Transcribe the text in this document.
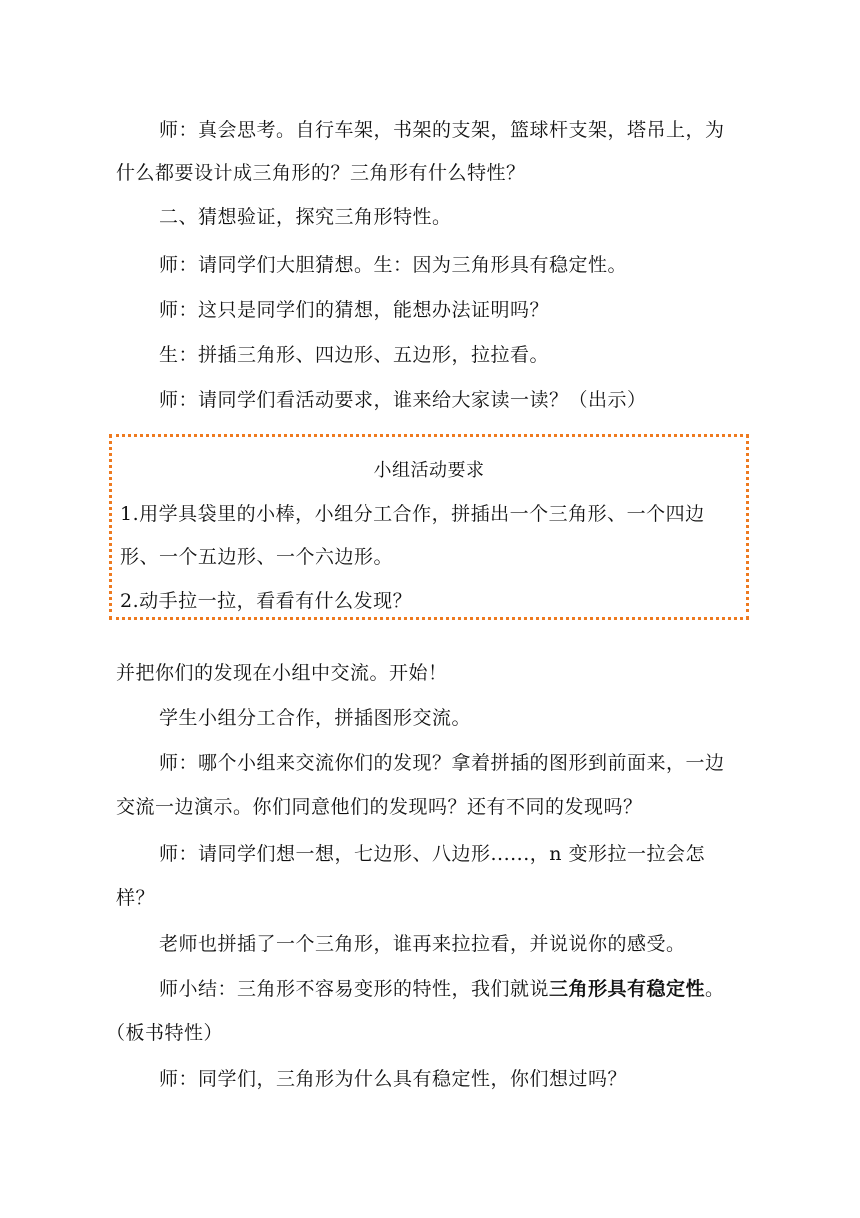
师：真会思考。自行车架，书架的支架，篮球杆支架，塔吊上，为
什么都要设计成三角形的？三角形有什么特性？
二、猜想验证，探究三角形特性。
师：请同学们大胆猜想。生：因为三角形具有稳定性。
师：这只是同学们的猜想，能想办法证明吗？
生：拼插三角形、四边形、五边形，拉拉看。
师：请同学们看活动要求，谁来给大家读一读？（出示）
小组活动要求
1.用学具袋里的小棒，小组分工合作，拼插出一个三角形、一个四边
形、一个五边形、一个六边形。
2.动手拉一拉，看看有什么发现？
并把你们的发现在小组中交流。开始！
学生小组分工合作，拼插图形交流。
师：哪个小组来交流你们的发现？拿着拼插的图形到前面来，一边
交流一边演示。你们同意他们的发现吗？还有不同的发现吗？
师：请同学们想一想，七边形、八边形......，n 变形拉一拉会怎
样？
老师也拼插了一个三角形，谁再来拉拉看，并说说你的感受。
师小结：三角形不容易变形的特性，我们就说三角形具有稳定性。
（板书特性）
师：同学们，三角形为什么具有稳定性，你们想过吗？
